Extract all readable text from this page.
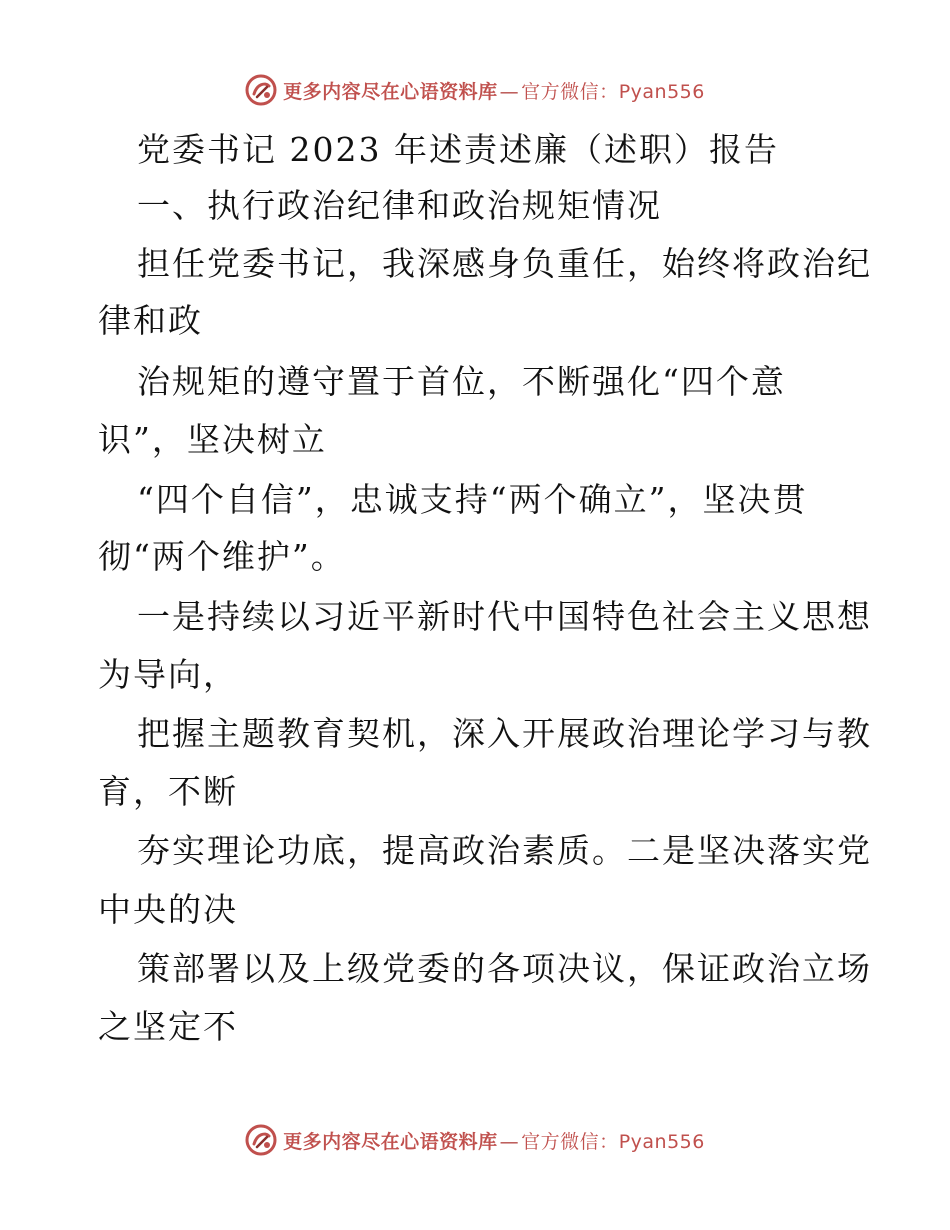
更多内容尽在心语资料库 — 官方微信：Pyan556
党委书记 2023 年述责述廉（述职）报告
一、执行政治纪律和政治规矩情况
担任党委书记，我深感身负重任，始终将政治纪
律和政
治规矩的遵守置于首位，不断强化“四个意
识”，坚决树立
“四个自信”，忠诚支持“两个确立”，坚决贯
彻“两个维护”。
一是持续以习近平新时代中国特色社会主义思想
为导向，
把握主题教育契机，深入开展政治理论学习与教
育，不断
夯实理论功底，提高政治素质。二是坚决落实党
中央的决
策部署以及上级党委的各项决议，保证政治立场
之坚定不
更多内容尽在心语资料库 — 官方微信：Pyan556
